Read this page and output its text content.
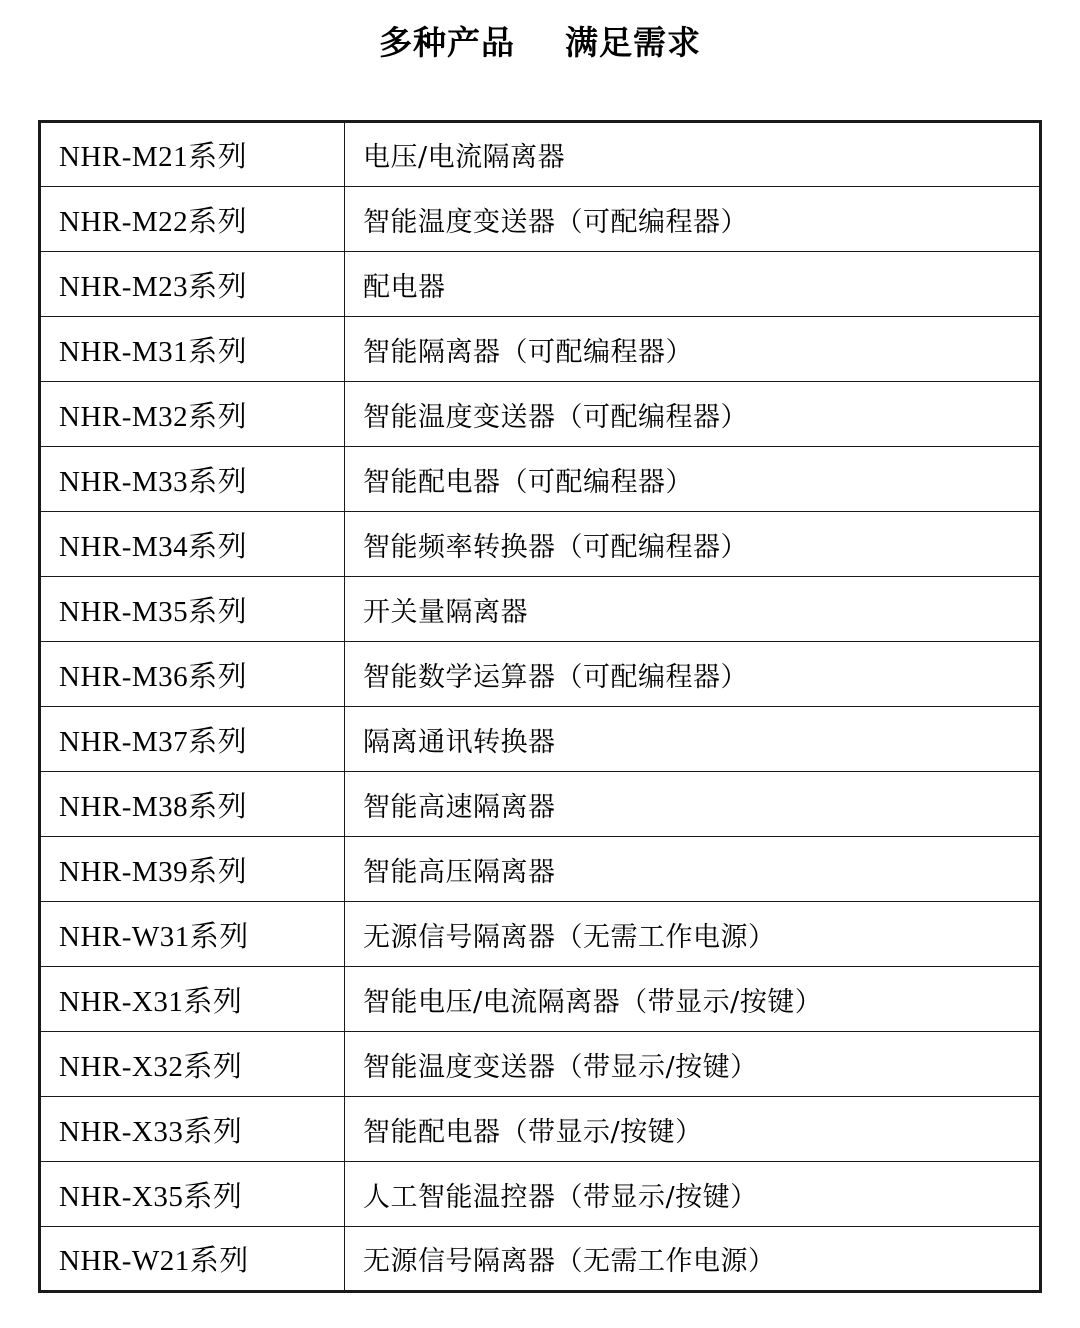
多种产品    满足需求
NHR-M21系列	电压/电流隔离器
NHR-M22系列	智能温度变送器（可配编程器）
NHR-M23系列	配电器
NHR-M31系列	智能隔离器（可配编程器）
NHR-M32系列	智能温度变送器（可配编程器）
NHR-M33系列	智能配电器（可配编程器）
NHR-M34系列	智能频率转换器（可配编程器）
NHR-M35系列	开关量隔离器
NHR-M36系列	智能数学运算器（可配编程器）
NHR-M37系列	隔离通讯转换器
NHR-M38系列	智能高速隔离器
NHR-M39系列	智能高压隔离器
NHR-W31系列	无源信号隔离器（无需工作电源）
NHR-X31系列	智能电压/电流隔离器（带显示/按键）
NHR-X32系列	智能温度变送器（带显示/按键）
NHR-X33系列	智能配电器（带显示/按键）
NHR-X35系列	人工智能温控器（带显示/按键）
NHR-W21系列	无源信号隔离器（无需工作电源）
